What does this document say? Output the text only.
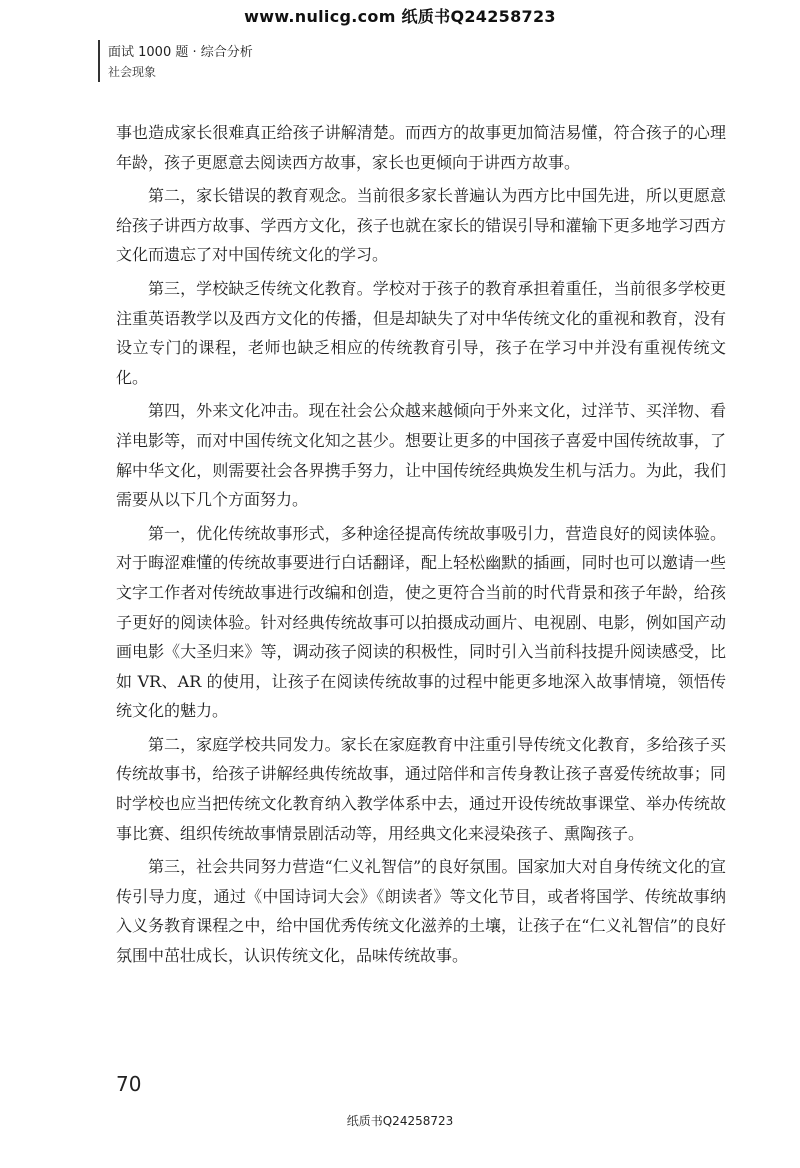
www.nulicg.com 纸质书Q24258723
面试 1000 题 · 综合分析
社会现象

事也造成家长很难真正给孩子讲解清楚。而西方的故事更加简洁易懂，符合孩子的心理年龄，孩子更愿意去阅读西方故事，家长也更倾向于讲西方故事。

第二，家长错误的教育观念。当前很多家长普遍认为西方比中国先进，所以更愿意给孩子讲西方故事、学西方文化，孩子也就在家长的错误引导和灌输下更多地学习西方文化而遗忘了对中国传统文化的学习。

第三，学校缺乏传统文化教育。学校对于孩子的教育承担着重任，当前很多学校更注重英语教学以及西方文化的传播，但是却缺失了对中华传统文化的重视和教育，没有设立专门的课程，老师也缺乏相应的传统教育引导，孩子在学习中并没有重视传统文化。

第四，外来文化冲击。现在社会公众越来越倾向于外来文化，过洋节、买洋物、看洋电影等，而对中国传统文化知之甚少。想要让更多的中国孩子喜爱中国传统故事，了解中华文化，则需要社会各界携手努力，让中国传统经典焕发生机与活力。为此，我们需要从以下几个方面努力。

第一，优化传统故事形式，多种途径提高传统故事吸引力，营造良好的阅读体验。对于晦涩难懂的传统故事要进行白话翻译，配上轻松幽默的插画，同时也可以邀请一些文字工作者对传统故事进行改编和创造，使之更符合当前的时代背景和孩子年龄，给孩子更好的阅读体验。针对经典传统故事可以拍摄成动画片、电视剧、电影，例如国产动画电影《大圣归来》等，调动孩子阅读的积极性，同时引入当前科技提升阅读感受，比如 VR、AR 的使用，让孩子在阅读传统故事的过程中能更多地深入故事情境，领悟传统文化的魅力。

第二，家庭学校共同发力。家长在家庭教育中注重引导传统文化教育，多给孩子买传统故事书，给孩子讲解经典传统故事，通过陪伴和言传身教让孩子喜爱传统故事；同时学校也应当把传统文化教育纳入教学体系中去，通过开设传统故事课堂、举办传统故事比赛、组织传统故事情景剧活动等，用经典文化来浸染孩子、熏陶孩子。

第三，社会共同努力营造“仁义礼智信”的良好氛围。国家加大对自身传统文化的宣传引导力度，通过《中国诗词大会》《朗读者》等文化节目，或者将国学、传统故事纳入义务教育课程之中，给中国优秀传统文化滋养的土壤，让孩子在“仁义礼智信”的良好氛围中茁壮成长，认识传统文化，品味传统故事。

70
纸质书Q24258723
